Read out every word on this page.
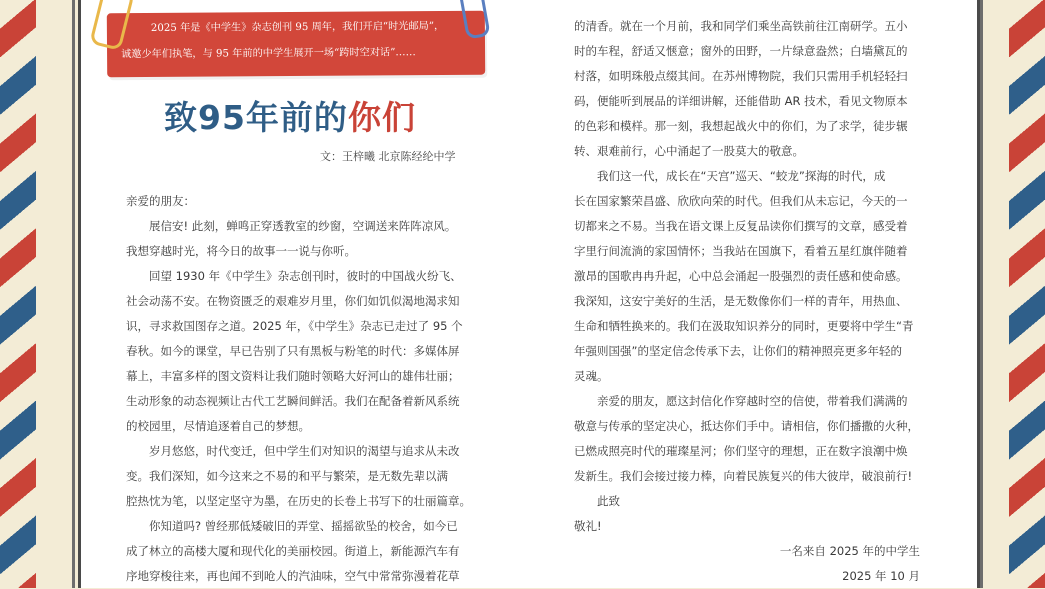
2025 年是《中学生》杂志创刊 95 周年，我们开启“时光邮局”，

诚邀少年们执笔，与 95 年前的中学生展开一场“跨时空对话”……

致95年前的你们
文：王梓曦 北京陈经纶中学
亲爱的朋友：
　　展信安! 此刻，蝉鸣正穿透教室的纱窗，空调送来阵阵凉风。
我想穿越时光，将今日的故事一一说与你听。
　　回望 1930 年《中学生》杂志创刊时，彼时的中国战火纷飞、
社会动荡不安。在物资匮乏的艰难岁月里，你们如饥似渴地渴求知
识，寻求救国图存之道。2025 年，《中学生》杂志已走过了 95 个
春秋。如今的课堂，早已告别了只有黑板与粉笔的时代：多媒体屏
幕上，丰富多样的图文资料让我们随时领略大好河山的雄伟壮丽；
生动形象的动态视频让古代工艺瞬间鲜活。我们在配备着新风系统
的校园里，尽情追逐着自己的梦想。
　　岁月悠悠，时代变迁，但中学生们对知识的渴望与追求从未改
变。我们深知，如今这来之不易的和平与繁荣，是无数先辈以满
腔热忱为笔，以坚定坚守为墨，在历史的长卷上书写下的壮丽篇章。
　　你知道吗? 曾经那低矮破旧的弄堂、摇摇欲坠的校舍，如今已
成了林立的高楼大厦和现代化的美丽校园。街道上，新能源汽车有
序地穿梭往来，再也闻不到呛人的汽油味，空气中常常弥漫着花草
的清香。就在一个月前，我和同学们乘坐高铁前往江南研学。五小
时的车程，舒适又惬意；窗外的田野，一片绿意盎然；白墙黛瓦的
村落，如明珠般点缀其间。在苏州博物院，我们只需用手机轻轻扫
码，便能听到展品的详细讲解，还能借助 AR 技术，看见文物原本
的色彩和模样。那一刻，我想起战火中的你们，为了求学，徒步辗
转、艰难前行，心中涌起了一股莫大的敬意。
　　我们这一代，成长在“天宫”巡天、“蛟龙”探海的时代，成
长在国家繁荣昌盛、欣欣向荣的时代。但我们从未忘记，今天的一
切都来之不易。当我在语文课上反复品读你们撰写的文章，感受着
字里行间流淌的家国情怀；当我站在国旗下，看着五星红旗伴随着
激昂的国歌冉冉升起，心中总会涌起一股强烈的责任感和使命感。
我深知，这安宁美好的生活，是无数像你们一样的青年，用热血、
生命和牺牲换来的。我们在汲取知识养分的同时，更要将中学生“青
年强则国强”的坚定信念传承下去，让你们的精神照亮更多年轻的
灵魂。
　　亲爱的朋友，愿这封信化作穿越时空的信使，带着我们满满的
敬意与传承的坚定决心，抵达你们手中。请相信，你们播撒的火种，
已燃成照亮时代的璀璨星河；你们坚守的理想，正在数字浪潮中焕
发新生。我们会接过接力棒，向着民族复兴的伟大彼岸，破浪前行!
　　此致
敬礼!
一名来自 2025 年的中学生
2025 年 10 月
